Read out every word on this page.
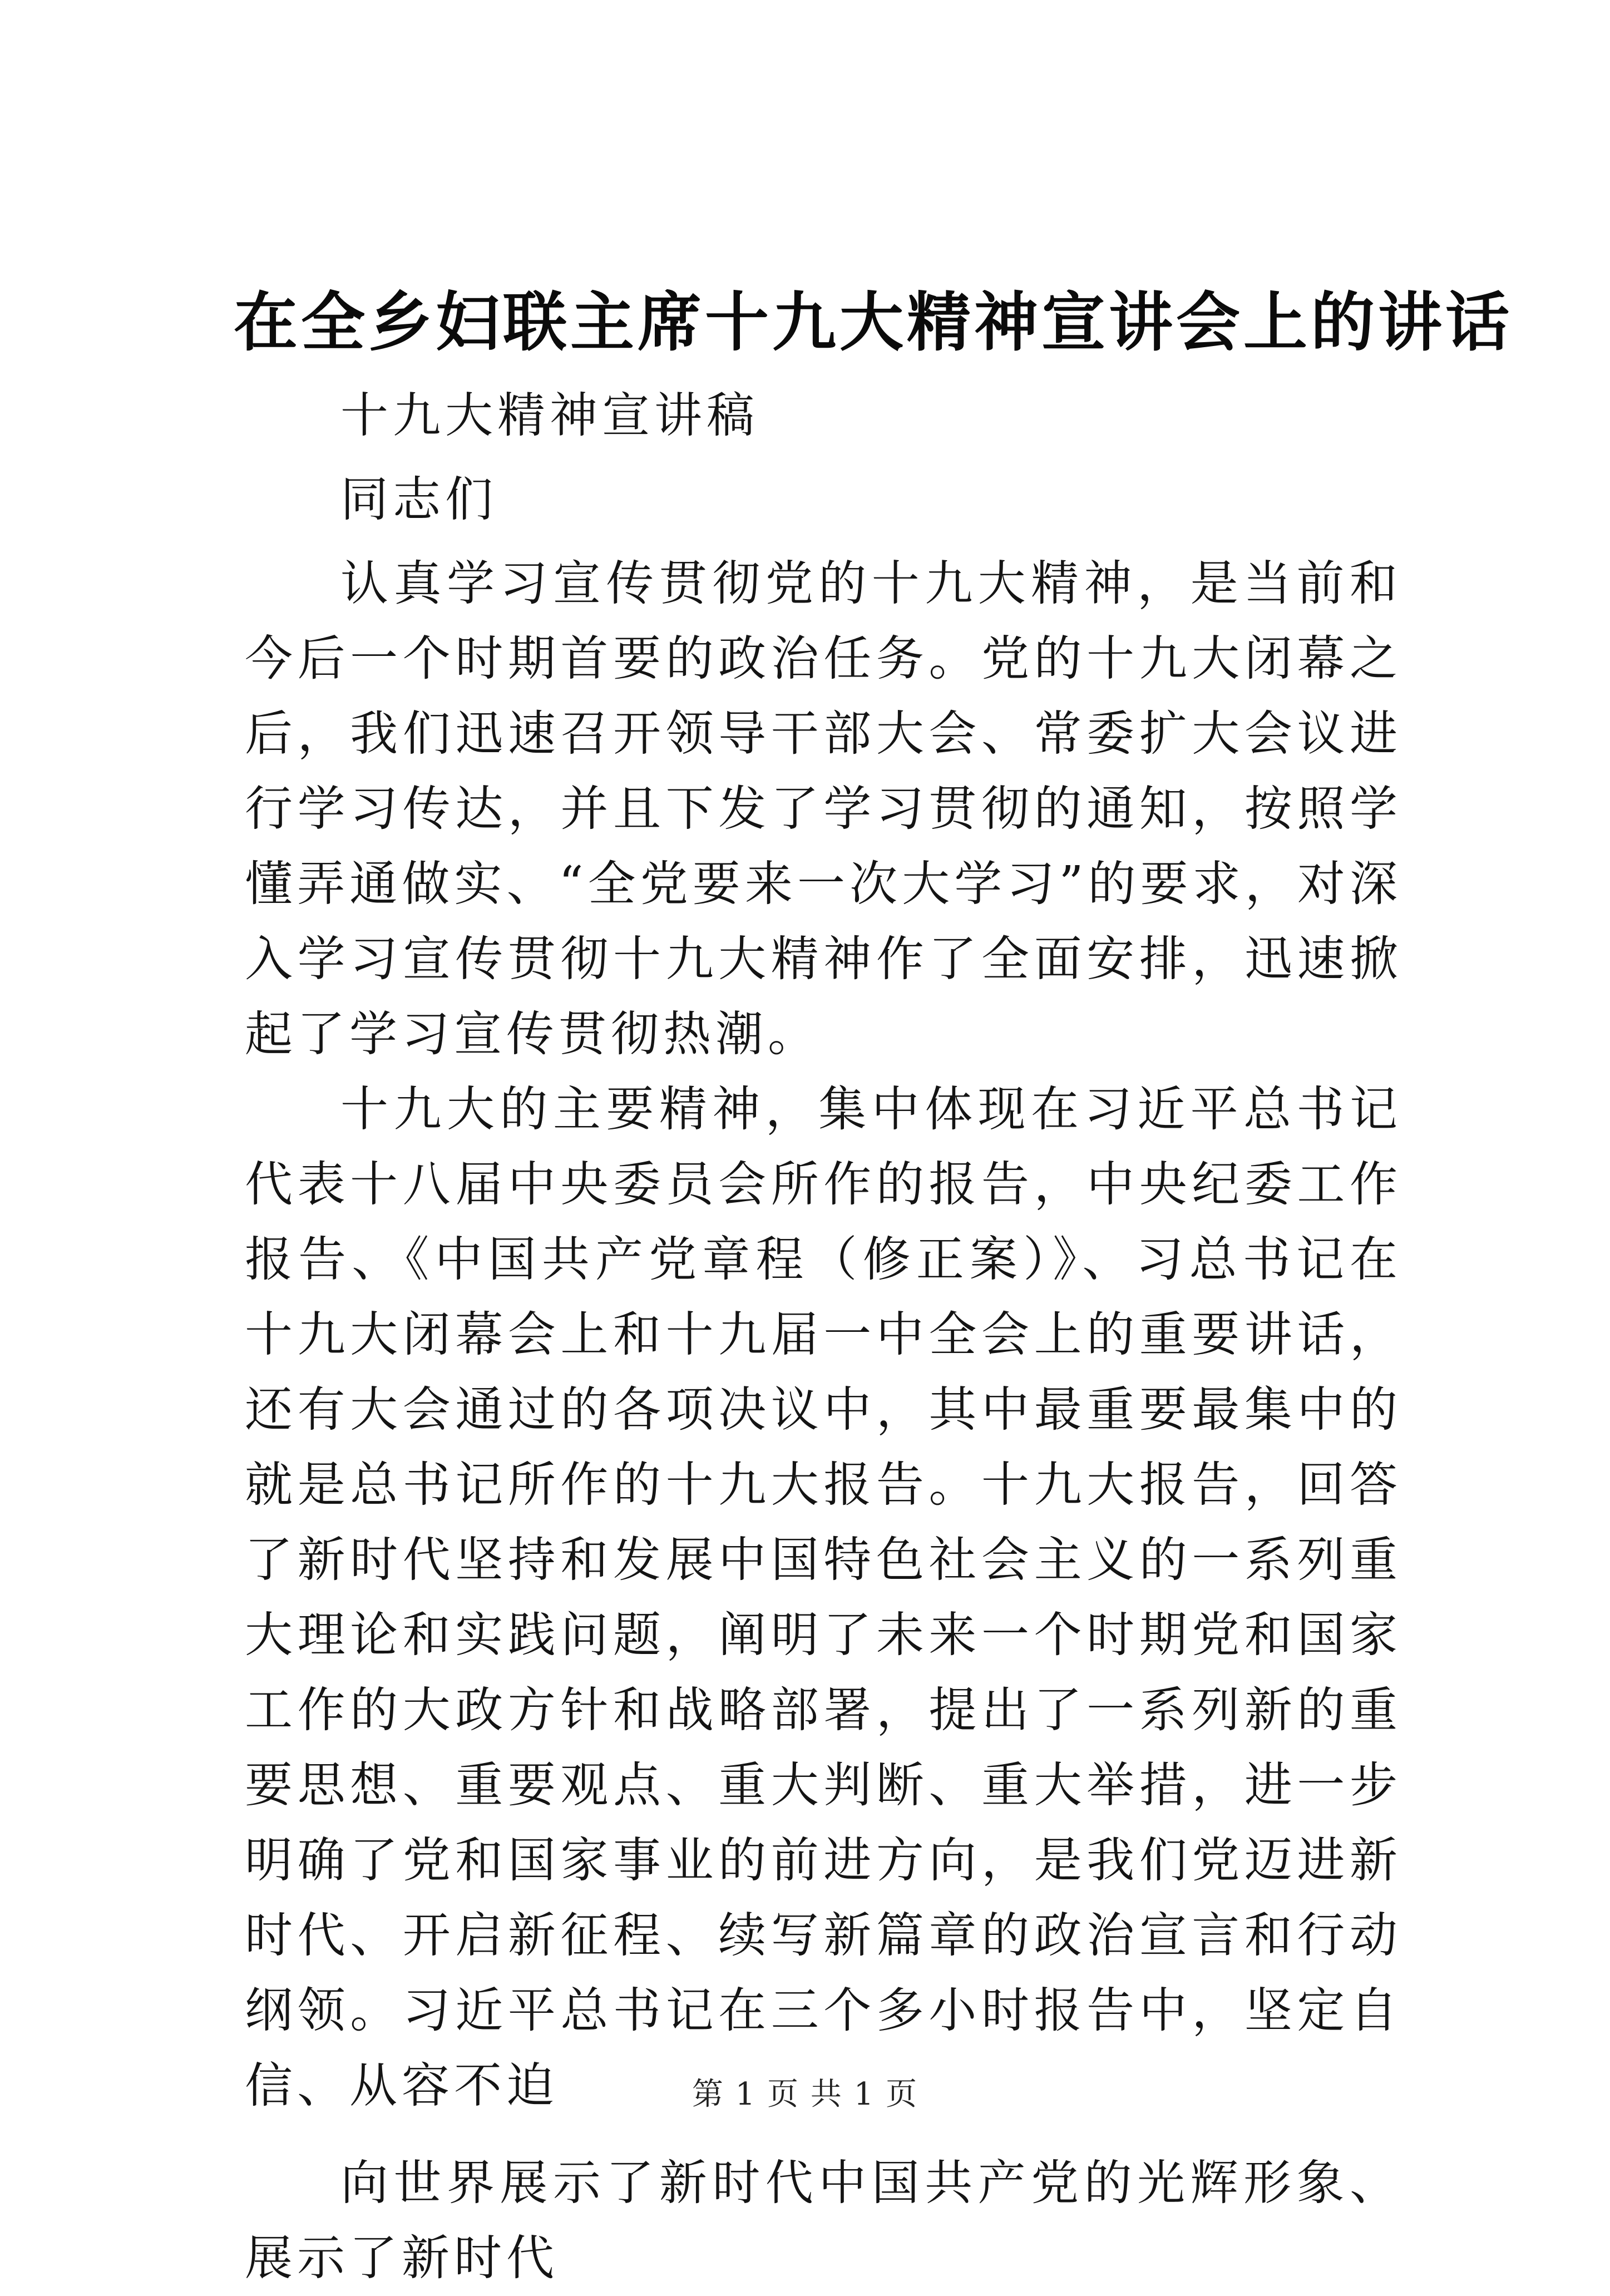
在全乡妇联主席十九大精神宣讲会上的讲话

十九大精神宣讲稿

同志们

认真学习宣传贯彻党的十九大精神，是当前和今后一个时期首要的政治任务。党的十九大闭幕之后，我们迅速召开领导干部大会、常委扩大会议进行学习传达，并且下发了学习贯彻的通知，按照学懂弄通做实、“全党要来一次大学习”的要求，对深入学习宣传贯彻十九大精神作了全面安排，迅速掀起了学习宣传贯彻热潮。

十九大的主要精神，集中体现在习近平总书记代表十八届中央委员会所作的报告，中央纪委工作报告、《中国共产党章程（修正案）》、习总书记在十九大闭幕会上和十九届一中全会上的重要讲话，还有大会通过的各项决议中，其中最重要最集中的就是总书记所作的十九大报告。十九大报告，回答了新时代坚持和发展中国特色社会主义的一系列重大理论和实践问题，阐明了未来一个时期党和国家工作的大政方针和战略部署，提出了一系列新的重要思想、重要观点、重大判断、重大举措，进一步明确了党和国家事业的前进方向，是我们党迈进新时代、开启新征程、续写新篇章的政治宣言和行动纲领。习近平总书记在三个多小时报告中，坚定自信、从容不迫

向世界展示了新时代中国共产党的光辉形象、展示了新时代

第 1 页 共 1 页
